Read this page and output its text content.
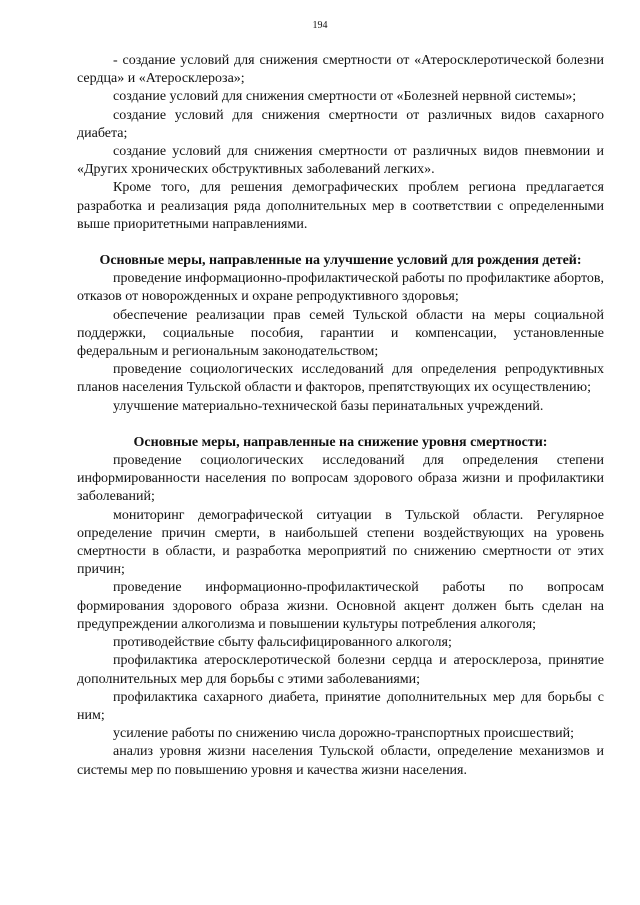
194

- создание условий для снижения смертности от «Атеросклеротической болезни сердца» и «Атеросклероза»;

создание условий для снижения смертности от «Болезней нервной системы»;

создание условий для снижения смертности от различных видов сахарного диабета;

создание условий для снижения смертности от различных видов пневмонии и «Других хронических обструктивных заболеваний легких».

Кроме того, для решения демографических проблем региона предлагается разработка и реализация ряда дополнительных мер в соответствии с определенными выше приоритетными направлениями.

Основные меры, направленные на улучшение условий для рождения детей:

проведение информационно-профилактической работы по профилактике абортов, отказов от новорожденных и охране репродуктивного здоровья;

обеспечение реализации прав семей Тульской области на меры социальной поддержки, социальные пособия, гарантии и компенсации, установленные федеральным и региональным законодательством;

проведение социологических исследований для определения репродуктивных планов населения Тульской области и факторов, препятствующих их осуществлению;

улучшение материально-технической базы перинатальных учреждений.

Основные меры, направленные на снижение уровня смертности:

проведение социологических исследований для определения степени информированности населения по вопросам здорового образа жизни и профилактики заболеваний;

мониторинг демографической ситуации в Тульской области. Регулярное определение причин смерти, в наибольшей степени воздействующих на уровень смертности в области, и разработка мероприятий по снижению смертности от этих причин;

проведение информационно-профилактической работы по вопросам формирования здорового образа жизни. Основной акцент должен быть сделан на предупреждении алкоголизма и повышении культуры потребления алкоголя;

противодействие сбыту фальсифицированного алкоголя;

профилактика атеросклеротической болезни сердца и атеросклероза, принятие дополнительных мер для борьбы с этими заболеваниями;

профилактика сахарного диабета, принятие дополнительных мер для борьбы с ним;

усиление работы по снижению числа дорожно-транспортных происшествий;

анализ уровня жизни населения Тульской области, определение механизмов и системы мер по повышению уровня и качества жизни населения.
